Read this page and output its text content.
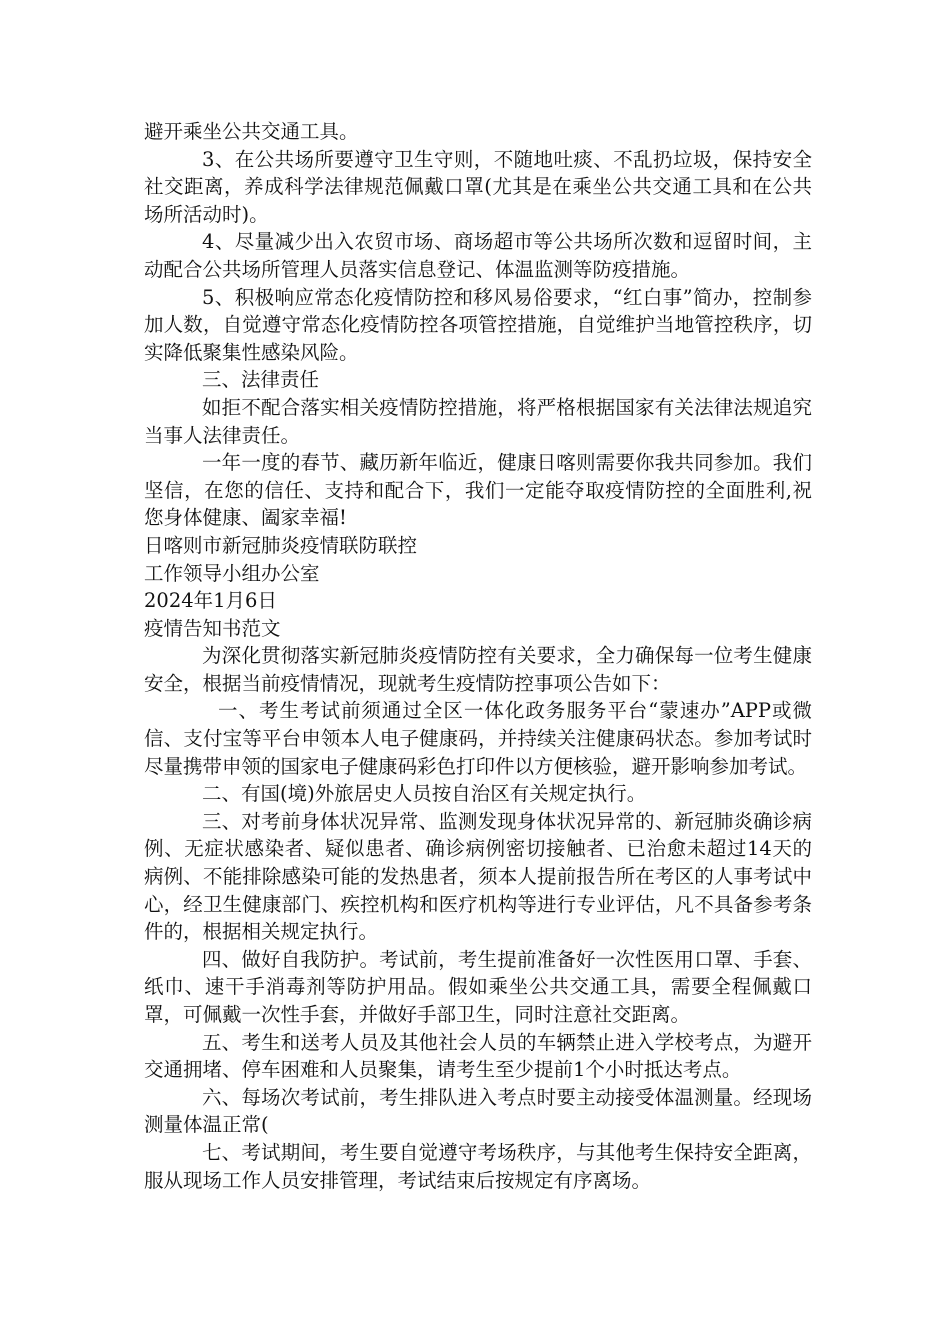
避开乘坐公共交通工具。

3、在公共场所要遵守卫生守则，不随地吐痰、不乱扔垃圾，保持安全社交距离，养成科学法律规范佩戴口罩(尤其是在乘坐公共交通工具和在公共场所活动时)。

4、尽量减少出入农贸市场、商场超市等公共场所次数和逗留时间，主动配合公共场所管理人员落实信息登记、体温监测等防疫措施。

5、积极响应常态化疫情防控和移风易俗要求，“红白事”简办，控制参加人数，自觉遵守常态化疫情防控各项管控措施，自觉维护当地管控秩序，切实降低聚集性感染风险。

三、法律责任

如拒不配合落实相关疫情防控措施，将严格根据国家有关法律法规追究当事人法律责任。

一年一度的春节、藏历新年临近，健康日喀则需要你我共同参加。我们坚信，在您的信任、支持和配合下，我们一定能夺取疫情防控的全面胜利,祝您身体健康、阖家幸福!

日喀则市新冠肺炎疫情联防联控

工作领导小组办公室

2024年1月6日

疫情告知书范文

为深化贯彻落实新冠肺炎疫情防控有关要求，全力确保每一位考生健康安全，根据当前疫情情况，现就考生疫情防控事项公告如下：

一、考生考试前须通过全区一体化政务服务平台“蒙速办”APP或微信、支付宝等平台申领本人电子健康码，并持续关注健康码状态。参加考试时尽量携带申领的国家电子健康码彩色打印件以方便核验，避开影响参加考试。

二、有国(境)外旅居史人员按自治区有关规定执行。

三、对考前身体状况异常、监测发现身体状况异常的、新冠肺炎确诊病例、无症状感染者、疑似患者、确诊病例密切接触者、已治愈未超过14天的病例、不能排除感染可能的发热患者，须本人提前报告所在考区的人事考试中心，经卫生健康部门、疾控机构和医疗机构等进行专业评估，凡不具备参考条件的，根据相关规定执行。

四、做好自我防护。考试前，考生提前准备好一次性医用口罩、手套、纸巾、速干手消毒剂等防护用品。假如乘坐公共交通工具，需要全程佩戴口罩，可佩戴一次性手套，并做好手部卫生，同时注意社交距离。

五、考生和送考人员及其他社会人员的车辆禁止进入学校考点，为避开交通拥堵、停车困难和人员聚集，请考生至少提前1个小时抵达考点。

六、每场次考试前，考生排队进入考点时要主动接受体温测量。经现场测量体温正常(

七、考试期间，考生要自觉遵守考场秩序，与其他考生保持安全距离，服从现场工作人员安排管理，考试结束后按规定有序离场。
